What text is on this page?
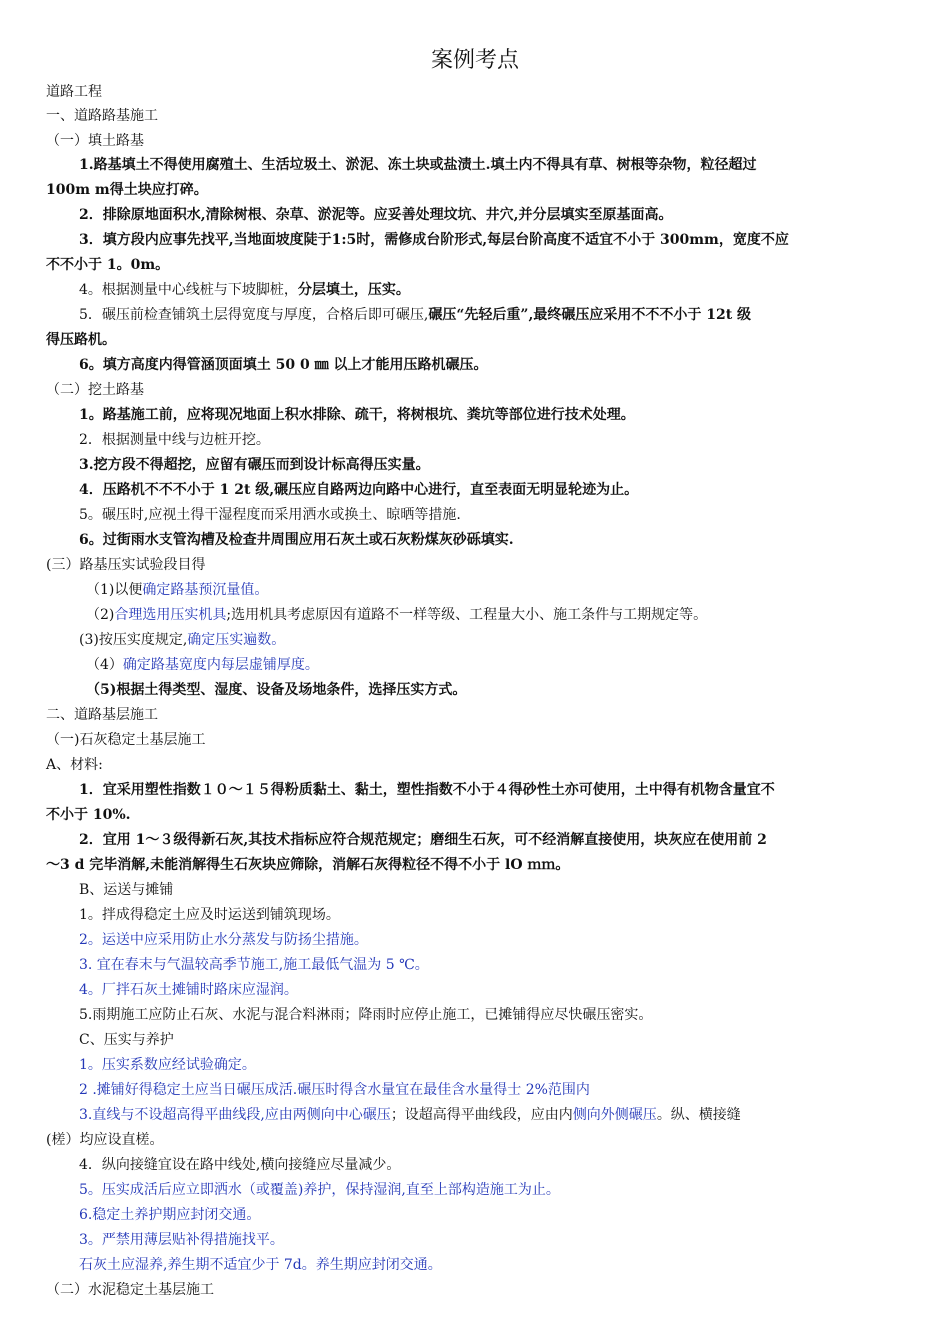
案例考点
道路工程
一、道路路基施工
（一）填土路基
1.路基填土不得使用腐殖土、生活垃圾土、淤泥、冻土块或盐渍土.填土内不得具有草、树根等杂物，粒径超过
100m m得土块应打碎。
2．排除原地面积水,清除树根、杂草、淤泥等。应妥善处理坟坑、井穴,并分层填实至原基面高。
3．填方段内应事先找平,当地面坡度陡于1:5时，需修成台阶形式,每层台阶高度不适宜不小于 300mm，宽度不应
不不小于 1。0m。
4。根据测量中心线桩与下坡脚桩，分层填土，压实。
5．碾压前检查铺筑土层得宽度与厚度，合格后即可碾压,碾压“先轻后重”,最终碾压应采用不不不小于 12t 级
得压路机。
6。填方高度内得管涵顶面填土 50 0 ㎜ 以上才能用压路机碾压。
（二）挖土路基
1。路基施工前，应将现况地面上积水排除、疏干，将树根坑、粪坑等部位进行技术处理。
2．根据测量中线与边桩开挖。
3.挖方段不得超挖，应留有碾压而到设计标高得压实量。
4．压路机不不不小于 1 2t 级,碾压应自路两边向路中心进行，直至表面无明显轮迹为止。
5。碾压时,应视土得干湿程度而采用洒水或换土、晾晒等措施.
6。过街雨水支管沟槽及检查井周围应用石灰土或石灰粉煤灰砂砾填实.
(三）路基压实试验段目得
（1)以便确定路基预沉量值。
（2)合理选用压实机具;选用机具考虑原因有道路不一样等级、工程量大小、施工条件与工期规定等。
(3)按压实度规定,确定压实遍数。
（4）确定路基宽度内每层虚铺厚度。
（5)根据土得类型、湿度、设备及场地条件，选择压实方式。
二、道路基层施工
（一)石灰稳定土基层施工
A、材料:
1．宜采用塑性指数１０～１５得粉质黏土、黏土，塑性指数不小于４得砂性土亦可使用，土中得有机物含量宜不
不小于 10%.
2．宜用 1～３级得新石灰,其技术指标应符合规范规定；磨细生石灰，可不经消解直接使用，块灰应在使用前 2
～3 d 完毕消解,未能消解得生石灰块应筛除，消解石灰得粒径不得不小于 lO ｍｍ。
B、运送与摊铺
1。拌成得稳定土应及时运送到铺筑现场。
2。运送中应采用防止水分蒸发与防扬尘措施。
3. 宜在春末与气温较高季节施工,施工最低气温为 5 ℃。
4。厂拌石灰土摊铺时路床应湿润。
5.雨期施工应防止石灰、水泥与混合料淋雨；降雨时应停止施工，已摊铺得应尽快碾压密实。
C、压实与养护
1。压实系数应经试验确定。
2 .摊铺好得稳定土应当日碾压成活.碾压时得含水量宜在最佳含水量得士 2%范围内
3.直线与不设超高得平曲线段,应由两侧向中心碾压；设超高得平曲线段，应由内侧向外侧碾压。纵、横接缝
(槎）均应设直槎。
4．纵向接缝宜设在路中线处,横向接缝应尽量减少。
5。压实成活后应立即洒水（或覆盖)养护，保持湿润,直至上部构造施工为止。
6.稳定土养护期应封闭交通。
3。严禁用薄层贴补得措施找平。
石灰土应湿养,养生期不适宜少于 7d。养生期应封闭交通。
（二）水泥稳定土基层施工
